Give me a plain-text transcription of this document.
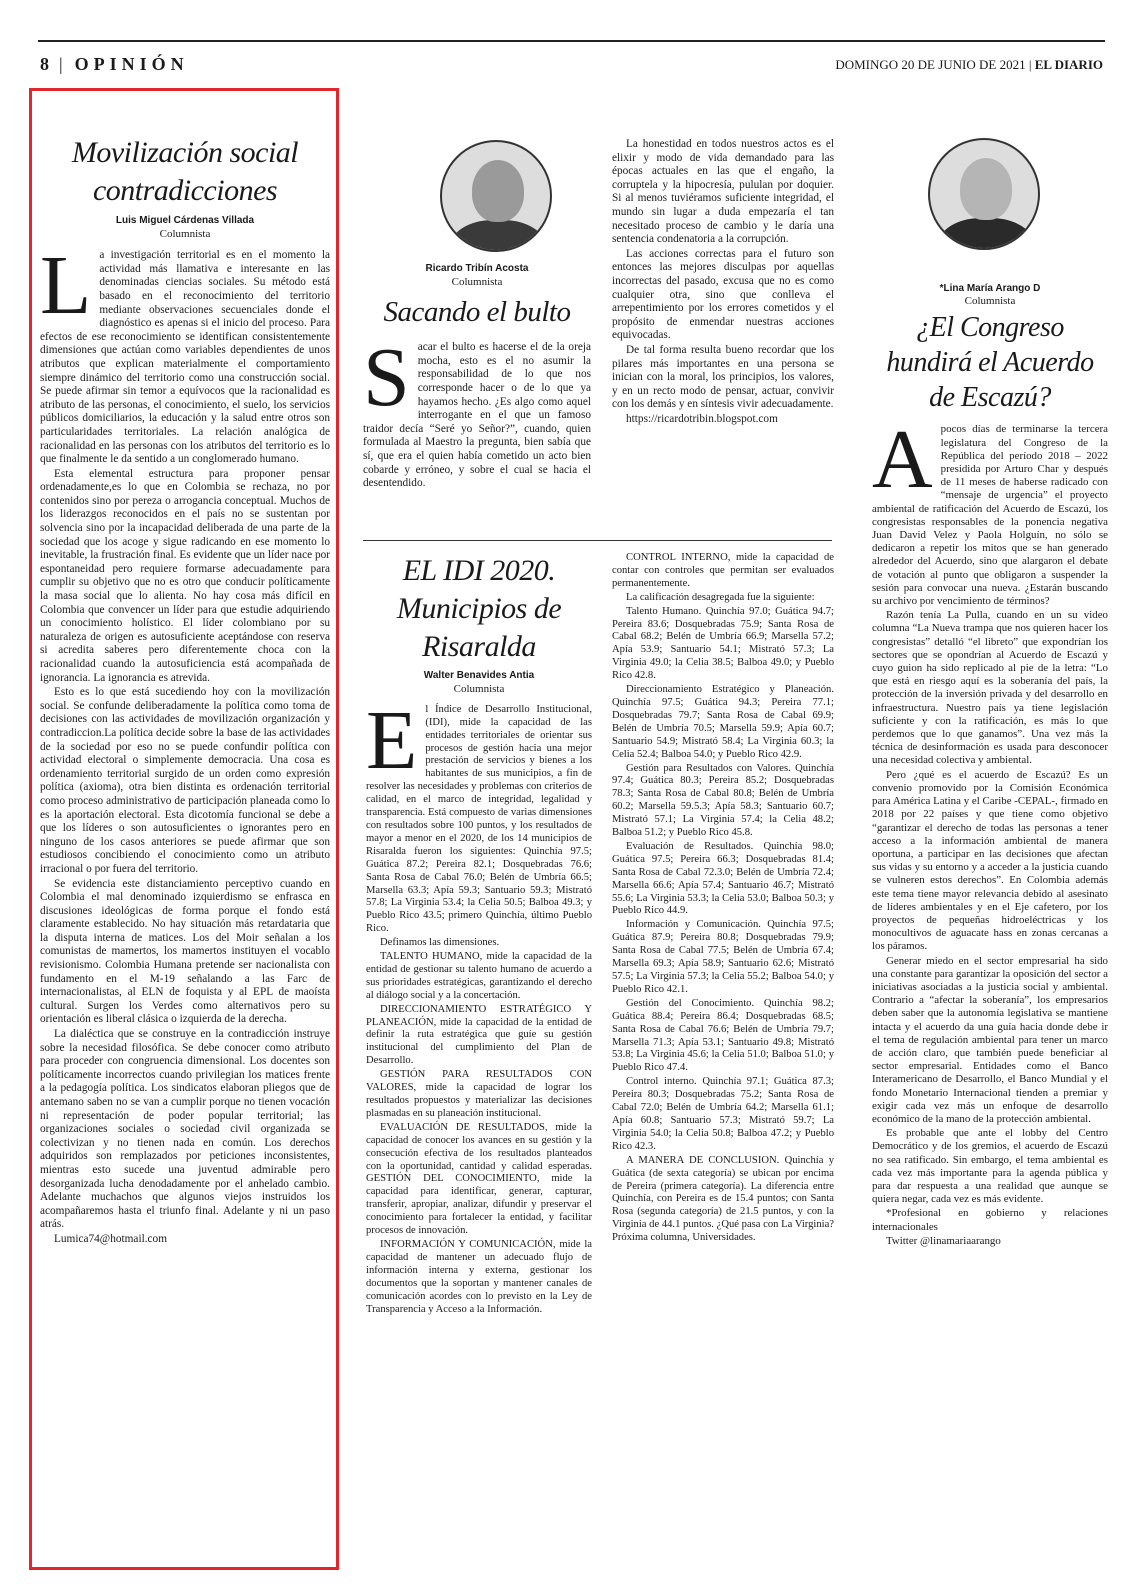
8 | OPINIÓN	DOMINGO 20 DE JUNIO DE 2021 | EL DIARIO
Movilización social
contradicciones
Luis Miguel Cárdenas Villada
Columnista

La investigación territorial es en el momento la actividad más llamativa e interesante en las denominadas ciencias sociales. Su método está basado en el reconocimiento del territorio mediante observaciones secuenciales donde el diagnóstico es apenas si el inicio del proceso. Para efectos de ese reconocimiento se identifican consistentemente dimensiones que actúan como variables dependientes de unos atributos que explican materialmente el comportamiento siempre dinámico del territorio como una construcción social. Se puede afirmar sin temor a equívocos que la racionalidad es atributo de las personas, el conocimiento, el suelo, los servicios públicos domiciliarios, la educación y la salud entre otros son particularidades territoriales. La relación analógica de racionalidad en las personas con los atributos del territorio es lo que finalmente le da sentido a un conglomerado humano.

Esta elemental estructura para proponer pensar ordenadamente,es lo que en Colombia se rechaza, no por contenidos sino por pereza o arrogancia conceptual. Muchos de los liderazgos reconocidos en el país no se sustentan por solvencia sino por la incapacidad deliberada de una parte de la sociedad que los acoge y sigue radicando en ese momento lo inevitable, la frustración final. Es evidente que un líder nace por espontaneidad pero requiere formarse adecuadamente para cumplir su objetivo que no es otro que conducir políticamente la masa social que lo alienta. No hay cosa más difícil en Colombia que convencer un líder para que estudie adquiriendo un conocimiento holístico. El líder colombiano por su naturaleza de origen es autosuficiente aceptándose con reserva si acredita saberes pero diferentemente choca con la racionalidad cuando la autosuficiencia está acompañada de ignorancia. La ignorancia es atrevida.

Esto es lo que está sucediendo hoy con la movilización social. Se confunde deliberadamente la política como toma de decisiones con las actividades de movilización organización y contradiccion.La política decide sobre la base de las actividades de la sociedad por eso no se puede confundir política con actividad electoral o simplemente democracia. Una cosa es ordenamiento territorial surgido de un orden como expresión política (axioma), otra bien distinta es ordenación territorial como proceso administrativo de participación planeada como lo es la aportación electoral. Esta dicotomía funcional se debe a que los líderes o son autosuficientes o ignorantes pero en ninguno de los casos anteriores se puede afirmar que son estudiosos concibiendo el conocimiento como un atributo irracional o por fuera del territorio.

Se evidencia este distanciamiento perceptivo cuando en Colombia el mal denominado izquierdismo se enfrasca en discusiones ideológicas de forma porque el fondo está claramente establecido. No hay situación más retardataria que la disputa interna de matices. Los del Moir señalan a los comunistas de mamertos, los mamertos instituyen el vocablo revisionismo. Colombia Humana pretende ser nacionalista con fundamento en el M-19 señalando a las Farc de internacionalistas, al ELN de foquista y al EPL de maoísta cultural. Surgen los Verdes como alternativos pero su orientación es liberal clásica o izquierda de la derecha.

La dialéctica que se construye en la contradicción instruye sobre la necesidad filosófica. Se debe conocer como atributo para proceder con congruencia dimensional. Los docentes son políticamente incorrectos cuando privilegian los matices frente a la pedagogía política. Los sindicatos elaboran pliegos que de antemano saben no se van a cumplir porque no tienen vocación ni representación de poder popular territorial; las organizaciones sociales o sociedad civil organizada se colectivizan y no tienen nada en común. Los derechos adquiridos son remplazados por peticiones inconsistentes, mientras esto sucede una juventud admirable pero desorganizada lucha denodadamente por el anhelado cambio. Adelante muchachos que algunos viejos instruidos los acompañaremos hasta el triunfo final. Adelante y ni un paso atrás.

Lumica74@hotmail.com

Ricardo Tribín Acosta
Columnista
Sacando el bulto

Sacar el bulto es hacerse el de la oreja mocha, esto es el no asumir la responsabilidad de lo que nos corresponde hacer o de lo que ya hayamos hecho. ¿Es algo como aquel interrogante en el que un famoso traidor decía “Seré yo Señor?”, cuando, quien formulada al Maestro la pregunta, bien sabía que sí, que era el quien había cometido un acto bien cobarde y erróneo, y sobre el cual se hacia el desentendido.

La honestidad en todos nuestros actos es el elixir y modo de vida demandado para las épocas actuales en las que el engaño, la corruptela y la hipocresía, pululan por doquier. Si al menos tuviéramos suficiente integridad, el mundo sin lugar a duda empezaría el tan necesitado proceso de cambio y le daría una sentencia condenatoria a la corrupción.

Las acciones correctas para el futuro son entonces las mejores disculpas por aquellas incorrectas del pasado, excusa que no es como cualquier otra, sino que conlleva el arrepentimiento por los errores cometidos y el propósito de enmendar nuestras acciones equivocadas.

De tal forma resulta bueno recordar que los pilares más importantes en una persona se inician con la moral, los principios, los valores, y en un recto modo de pensar, actuar, convivir con los demás y en síntesis vivir adecuadamente.

https://ricardotribin.blogspot.com

EL IDI 2020.
Municipios de
Risaralda
Walter Benavides Antia
Columnista

El Índice de Desarrollo Institucional, (IDI), mide la capacidad de las entidades territoriales de orientar sus procesos de gestión hacia una mejor prestación de servicios y bienes a los habitantes de sus municipios, a fin de resolver las necesidades y problemas con criterios de calidad, en el marco de integridad, legalidad y transparencia. Está compuesto de varias dimensiones con resultados sobre 100 puntos, y los resultados de mayor a menor en el 2020, de los 14 municipios de Risaralda fueron los siguientes: Quinchía 97.5; Guática 87.2; Pereira 82.1; Dosquebradas 76.6; Santa Rosa de Cabal 76.0; Belén de Umbría 66.5; Marsella 63.3; Apía 59.3; Santuario 59.3; Mistrató 57.8; La Virginia 53.4; la Celia 50.5; Balboa 49.3; y Pueblo Rico 43.5; primero Quinchía, último Pueblo Rico.

Definamos las dimensiones.

TALENTO HUMANO, mide la capacidad de la entidad de gestionar su talento humano de acuerdo a sus prioridades estratégicas, garantizando el derecho al diálogo social y a la concertación.

DIRECCIONAMIENTO ESTRATÉGICO Y PLANEACIÓN, mide la capacidad de la entidad de definir la ruta estratégica que guíe su gestión institucional del cumplimiento del Plan de Desarrollo.

GESTIÓN PARA RESULTADOS CON VALORES, mide la capacidad de lograr los resultados propuestos y materializar las decisiones plasmadas en su planeación institucional.

EVALUACIÓN DE RESULTADOS, mide la capacidad de conocer los avances en su gestión y la consecución efectiva de los resultados planteados con la oportunidad, cantidad y calidad esperadas. GESTIÓN DEL CONOCIMIENTO, mide la capacidad para identificar, generar, capturar, transferir, apropiar, analizar, difundir y preservar el conocimiento para fortalecer la entidad, y facilitar procesos de innovación.

INFORMACIÓN Y COMUNICACIÓN, mide la capacidad de mantener un adecuado flujo de información interna y externa, gestionar los documentos que la soportan y mantener canales de comunicación acordes con lo previsto en la Ley de Transparencia y Acceso a la Información.

CONTROL INTERNO, mide la capacidad de contar con controles que permitan ser evaluados permanentemente.

La calificación desagregada fue la siguiente:

Talento Humano. Quinchía 97.0; Guática 94.7; Pereira 83.6; Dosquebradas 75.9; Santa Rosa de Cabal 68.2; Belén de Umbría 66.9; Marsella 57.2; Apía 53.9; Santuario 54.1; Mistrató 57.3; La Virginia 49.0; la Celia 38.5; Balboa 49.0; y Pueblo Rico 42.8.

Direccionamiento Estratégico y Planeación. Quinchía 97.5; Guática 94.3; Pereira 77.1; Dosquebradas 79.7; Santa Rosa de Cabal 69.9; Belén de Umbría 70.5; Marsella 59.9; Apía 60.7; Santuario 54.9; Mistrató 58.4; La Virginia 60.3; la Celia 52.4; Balboa 54.0; y Pueblo Rico 42.9.

Gestión para Resultados con Valores. Quinchía 97.4; Guática 80.3; Pereira 85.2; Dosquebradas 78.3; Santa Rosa de Cabal 80.8; Belén de Umbría 60.2; Marsella 59.5.3; Apía 58.3; Santuario 60.7; Mistrató 57.1; La Virginia 57.4; la Celia 48.2; Balboa 51.2; y Pueblo Rico 45.8.

Evaluación de Resultados. Quinchía 98.0; Guática 97.5; Pereira 66.3; Dosquebradas 81.4; Santa Rosa de Cabal 72.3.0; Belén de Umbría 72.4; Marsella 66.6; Apía 57.4; Santuario 46.7; Mistrató 55.6; La Virginia 53.3; la Celia 53.0; Balboa 50.3; y Pueblo Rico 44.9.

Información y Comunicación. Quinchía 97.5; Guática 87.9; Pereira 80.8; Dosquebradas 79.9; Santa Rosa de Cabal 77.5; Belén de Umbría 67.4; Marsella 69.3; Apía 58.9; Santuario 62.6; Mistrató 57.5; La Virginia 57.3; la Celia 55.2; Balboa 54.0; y Pueblo Rico 42.1.

Gestión del Conocimiento. Quinchía 98.2; Guática 88.4; Pereira 86.4; Dosquebradas 68.5; Santa Rosa de Cabal 76.6; Belén de Umbría 79.7; Marsella 71.3; Apía 53.1; Santuario 49.8; Mistrató 53.8; La Virginia 45.6; la Celia 51.0; Balboa 51.0; y Pueblo Rico 47.4.

Control interno. Quinchía 97.1; Guática 87.3; Pereira 80.3; Dosquebradas 75.2; Santa Rosa de Cabal 72.0; Belén de Umbría 64.2; Marsella 61.1; Apía 60.8; Santuario 57.3; Mistrató 59.7; La Virginia 54.0; la Celia 50.8; Balboa 47.2; y Pueblo Rico 42.3.

A MANERA DE CONCLUSION. Quinchía y Guática (de sexta categoría) se ubican por encima de Pereira (primera categoría). La diferencia entre Quinchía, con Pereira es de 15.4 puntos; con Santa Rosa (segunda categoría) de 21.5 puntos, y con la Virginia de 44.1 puntos. ¿Qué pasa con La Virginia? Próxima columna, Universidades.

*Lina María Arango D
Columnista
¿El Congreso
hundirá el Acuerdo
de Escazú?

Apocos días de terminarse la tercera legislatura del Congreso de la República del período 2018 – 2022 presidida por Arturo Char y después de 11 meses de haberse radicado con “mensaje de urgencia” el proyecto ambiental de ratificación del Acuerdo de Escazú, los congresistas responsables de la ponencia negativa Juan David Velez y Paola Holguín, no sólo se dedicaron a repetir los mitos que se han generado alrededor del Acuerdo, sino que alargaron el debate de votación al punto que obligaron a suspender la sesión para convocar una nueva. ¿Estarán buscando su archivo por vencimiento de términos?

Razón tenía La Pulla, cuando en un su video columna “La Nueva trampa que nos quieren hacer los congresistas” detalló “el libreto” que expondrían los sectores que se opondrían al Acuerdo de Escazú y cuyo guion ha sido replicado al pie de la letra: “Lo que está en riesgo aquí es la soberanía del país, la protección de la inversión privada y del desarrollo en infraestructura. Nuestro país ya tiene legislación suficiente y con la ratificación, es más lo que perdemos que lo que ganamos”. Una vez más la técnica de desinformación es usada para desconocer una necesidad colectiva y ambiental.

Pero ¿qué es el acuerdo de Escazú? Es un convenio promovido por la Comisión Económica para América Latina y el Caribe -CEPAL-, firmado en 2018 por 22 países y que tiene como objetivo “garantizar el derecho de todas las personas a tener acceso a la información ambiental de manera oportuna, a participar en las decisiones que afectan sus vidas y su entorno y a acceder a la justicia cuando se vulneren estos derechos”. En Colombia además este tema tiene mayor relevancia debido al asesinato de líderes ambientales y en el Eje cafetero, por los proyectos de pequeñas hidroeléctricas y los monocultivos de aguacate hass en zonas cercanas a los páramos.

Generar miedo en el sector empresarial ha sido una constante para garantizar la oposición del sector a iniciativas asociadas a la justicia social y ambiental. Contrario a “afectar la soberanía”, los empresarios deben saber que la autonomía legislativa se mantiene intacta y el acuerdo da una guía hacia donde debe ir el tema de regulación ambiental para tener un marco de acción claro, que también puede beneficiar al sector empresarial. Entidades como el Banco Interamericano de Desarrollo, el Banco Mundial y el fondo Monetario Internacional tienden a premiar y exigir cada vez más un enfoque de desarrollo económico de la mano de la protección ambiental.

Es probable que ante el lobby del Centro Democrático y de los gremios, el acuerdo de Escazú no sea ratificado. Sin embargo, el tema ambiental es cada vez más importante para la agenda pública y para dar respuesta a una realidad que aunque se quiera negar, cada vez es más evidente.

*Profesional en gobierno y relaciones internacionales

Twitter @linamariaarango
